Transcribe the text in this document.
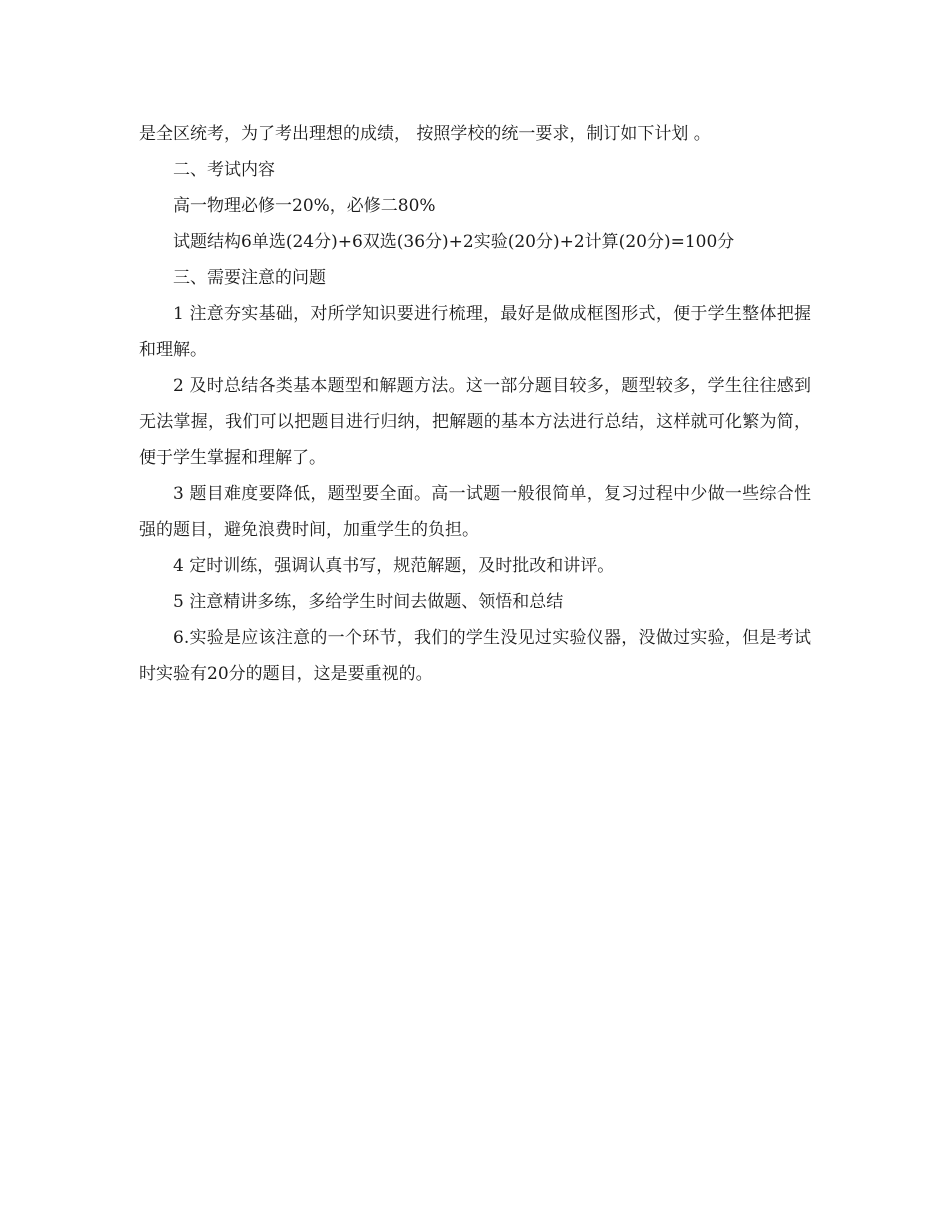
是全区统考，为了考出理想的成绩， 按照学校的统一要求，制订如下计划 。

二、考试内容

高一物理必修一20%，必修二80%

试题结构6单选(24分)+6双选(36分)+2实验(20分)+2计算(20分)=100分

三、需要注意的问题

1 注意夯实基础，对所学知识要进行梳理，最好是做成框图形式，便于学生整体把握和理解。

2 及时总结各类基本题型和解题方法。这一部分题目较多，题型较多，学生往往感到无法掌握，我们可以把题目进行归纳，把解题的基本方法进行总结，这样就可化繁为简，便于学生掌握和理解了。

3 题目难度要降低，题型要全面。高一试题一般很简单，复习过程中少做一些综合性强的题目，避免浪费时间，加重学生的负担。

4 定时训练，强调认真书写，规范解题，及时批改和讲评。

5 注意精讲多练，多给学生时间去做题、领悟和总结

6.实验是应该注意的一个环节，我们的学生没见过实验仪器，没做过实验，但是考试时实验有20分的题目，这是要重视的。
